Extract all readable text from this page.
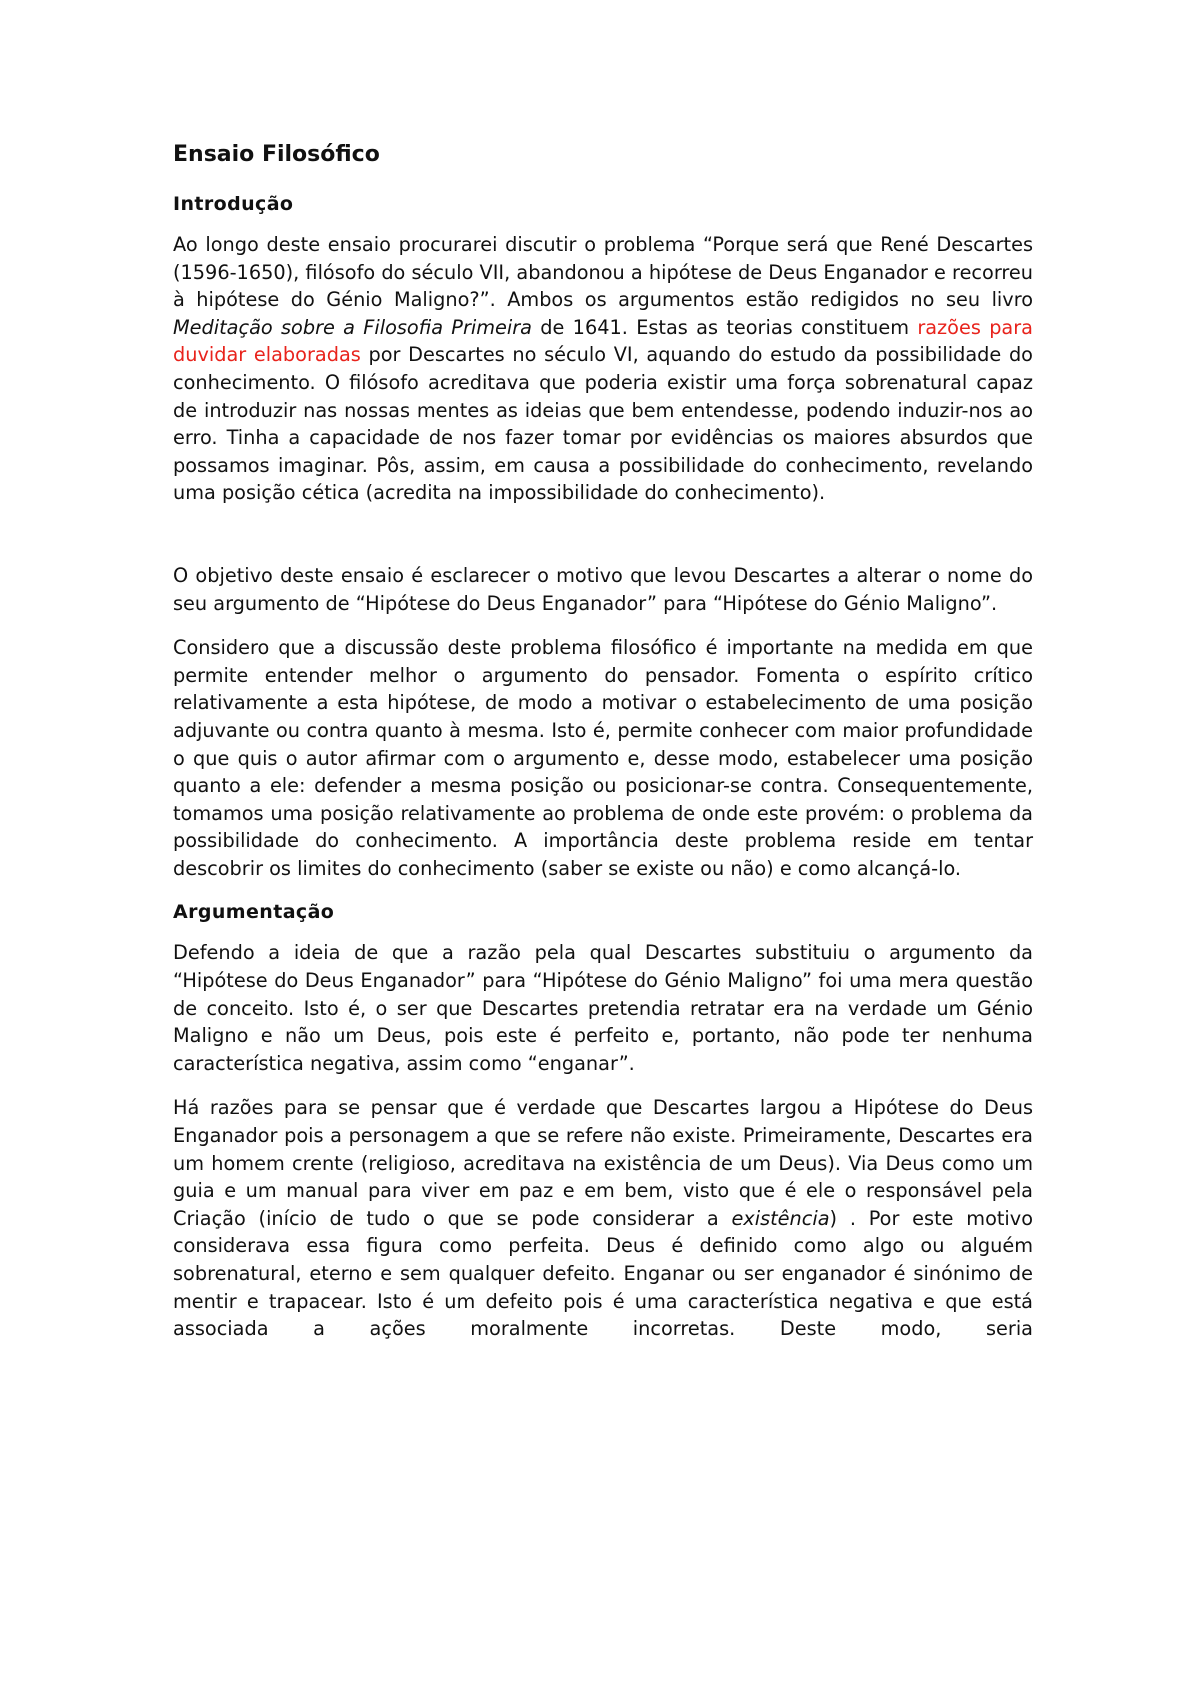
Ensaio Filosófico
Introdução

Ao longo deste ensaio procurarei discutir o problema “Porque será que René Descartes (1596-1650), filósofo do século VII, abandonou a hipótese de Deus Enganador e recorreu à hipótese do Génio Maligno?”. Ambos os argumentos estão redigidos no seu livro Meditação sobre a Filosofia Primeira de 1641. Estas as teorias constituem razões para duvidar elaboradas por Descartes no século VI, aquando do estudo da possibilidade do conhecimento. O filósofo acreditava que poderia existir uma força sobrenatural capaz de introduzir nas nossas mentes as ideias que bem entendesse, podendo induzir-nos ao erro. Tinha a capacidade de nos fazer tomar por evidências os maiores absurdos que possamos imaginar. Pôs, assim, em causa a possibilidade do conhecimento, revelando uma posição cética (acredita na impossibilidade do conhecimento).

O objetivo deste ensaio é esclarecer o motivo que levou Descartes a alterar o nome do seu argumento de “Hipótese do Deus Enganador” para “Hipótese do Génio Maligno”.

Considero que a discussão deste problema filosófico é importante na medida em que permite entender melhor o argumento do pensador. Fomenta o espírito crítico relativamente a esta hipótese, de modo a motivar o estabelecimento de uma posição adjuvante ou contra quanto à mesma. Isto é, permite conhecer com maior profundidade o que quis o autor afirmar com o argumento e, desse modo, estabelecer uma posição quanto a ele: defender a mesma posição ou posicionar-se contra. Consequentemente, tomamos uma posição relativamente ao problema de onde este provém: o problema da possibilidade do conhecimento. A importância deste problema reside em tentar descobrir os limites do conhecimento (saber se existe ou não) e como alcançá-lo.

Argumentação

Defendo a ideia de que a razão pela qual Descartes substituiu o argumento da “Hipótese do Deus Enganador” para “Hipótese do Génio Maligno” foi uma mera questão de conceito. Isto é, o ser que Descartes pretendia retratar era na verdade um Génio Maligno e não um Deus, pois este é perfeito e, portanto, não pode ter nenhuma característica negativa, assim como “enganar”.

Há razões para se pensar que é verdade que Descartes largou a Hipótese do Deus Enganador pois a personagem a que se refere não existe. Primeiramente, Descartes era um homem crente (religioso, acreditava na existência de um Deus). Via Deus como um guia e um manual para viver em paz e em bem, visto que é ele o responsável pela Criação (início de tudo o que se pode considerar a existência) . Por este motivo considerava essa figura como perfeita. Deus é definido como algo ou alguém sobrenatural, eterno e sem qualquer defeito. Enganar ou ser enganador é sinónimo de mentir e trapacear. Isto é um defeito pois é uma característica negativa e que está associada a ações moralmente incorretas. Deste modo, seria
